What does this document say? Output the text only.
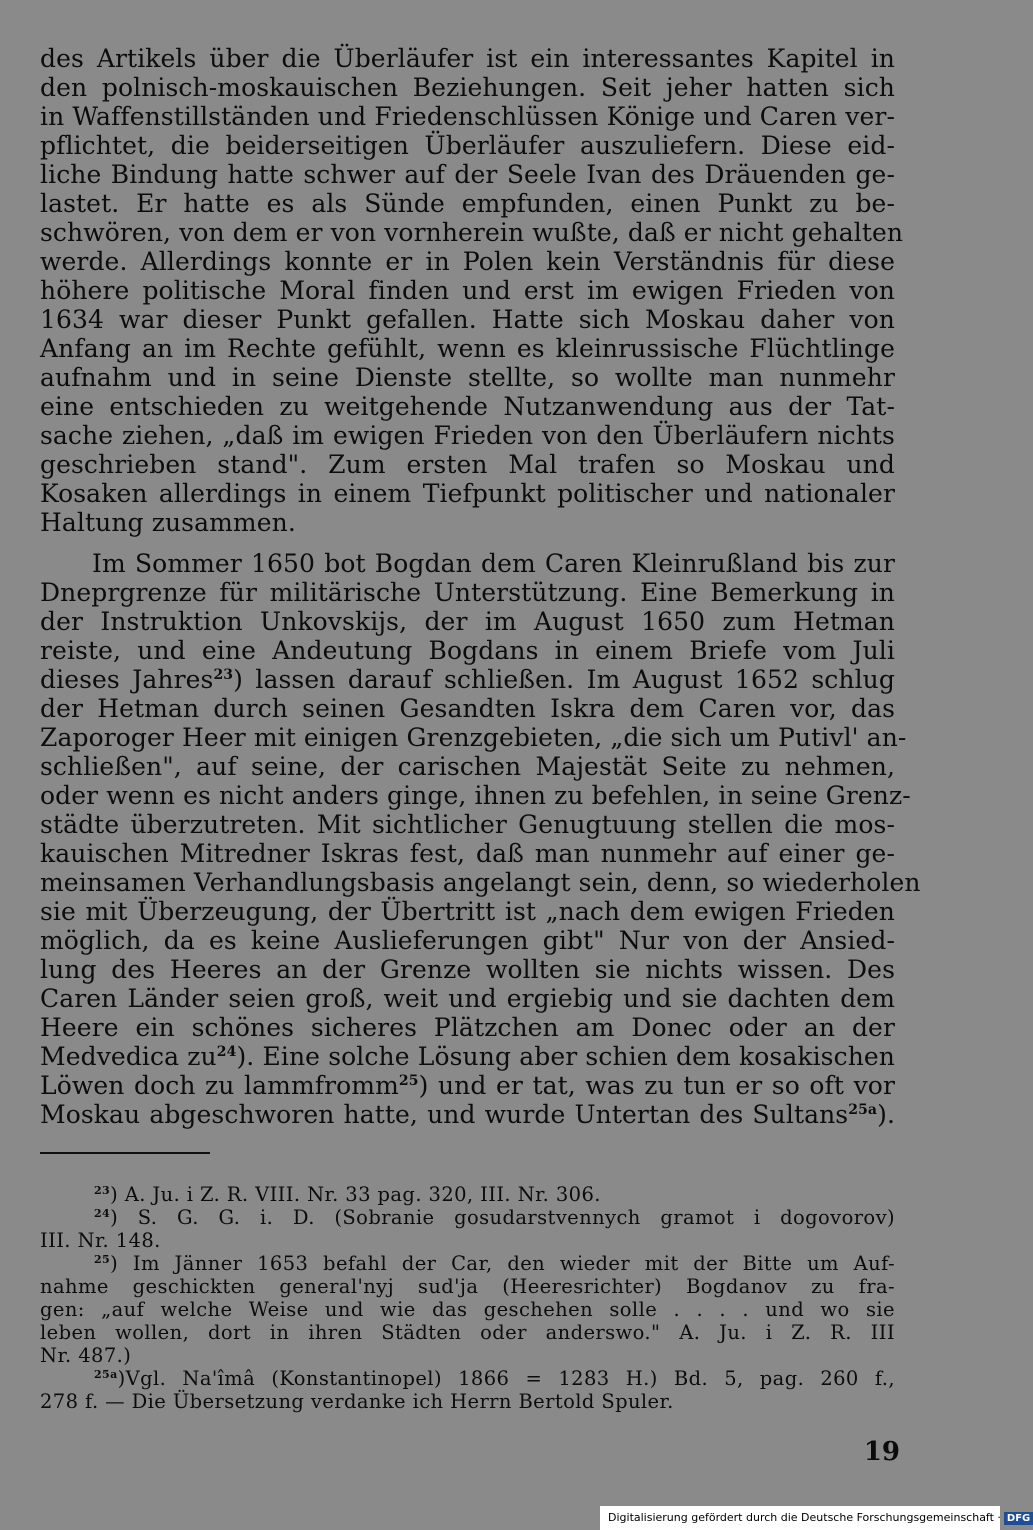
des Artikels über die Überläufer ist ein interessantes Kapitel in
den polnisch-moskauischen Beziehungen. Seit jeher hatten sich
in Waffenstillständen und Friedenschlüssen Könige und Caren ver-
pflichtet, die beiderseitigen Überläufer auszuliefern. Diese eid-
liche Bindung hatte schwer auf der Seele Ivan des Dräuenden ge-
lastet. Er hatte es als Sünde empfunden, einen Punkt zu be-
schwören, von dem er von vornherein wußte, daß er nicht gehalten
werde. Allerdings konnte er in Polen kein Verständnis für diese
höhere politische Moral finden und erst im ewigen Frieden von
1634 war dieser Punkt gefallen. Hatte sich Moskau daher von
Anfang an im Rechte gefühlt, wenn es kleinrussische Flüchtlinge
aufnahm und in seine Dienste stellte, so wollte man nunmehr
eine entschieden zu weitgehende Nutzanwendung aus der Tat-
sache ziehen, „daß im ewigen Frieden von den Überläufern nichts
geschrieben stand". Zum ersten Mal trafen so Moskau und
Kosaken allerdings in einem Tiefpunkt politischer und nationaler
Haltung zusammen.
Im Sommer 1650 bot Bogdan dem Caren Kleinrußland bis zur
Dneprgrenze für militärische Unterstützung. Eine Bemerkung in
der Instruktion Unkovskijs, der im August 1650 zum Hetman
reiste, und eine Andeutung Bogdans in einem Briefe vom Juli
dieses Jahres$^{23}$) lassen darauf schließen. Im August 1652 schlug
der Hetman durch seinen Gesandten Iskra dem Caren vor, das
Zaporoger Heer mit einigen Grenzgebieten, „die sich um Putivl' an-
schließen", auf seine, der carischen Majestät Seite zu nehmen,
oder wenn es nicht anders ginge, ihnen zu befehlen, in seine Grenz-
städte überzutreten. Mit sichtlicher Genugtuung stellen die mos-
kauischen Mitredner Iskras fest, daß man nunmehr auf einer ge-
meinsamen Verhandlungsbasis angelangt sein, denn, so wiederholen
sie mit Überzeugung, der Übertritt ist „nach dem ewigen Frieden
möglich, da es keine Auslieferungen gibt" Nur von der Ansied-
lung des Heeres an der Grenze wollten sie nichts wissen. Des
Caren Länder seien groß, weit und ergiebig und sie dachten dem
Heere ein schönes sicheres Plätzchen am Donec oder an der
Medvedica $zu^{24}$). Eine solche Lösung aber schien dem kosakischen
Löwen doch zu lammfromm$^{25}$) und er tat, was zu tun er so oft vor
Moskau abgeschworen hatte, und wurde Untertan des Sultans$^{25a}$).
$^{23}$) A. Ju. i Z. R. VIII. Nr. 33 pag. 320, III. Nr. 306.
$^{24}$) S. G. G. i. D. (Sobranie gosudarstvennych gramot i dogovorov)
III. Nr. 148.
$^{25}$) Im Jänner 1653 befahl der Car, den wieder mit der Bitte um Auf-
nahme geschickten general'nyj sud'ja (Heeresrichter) Bogdanov zu fra-
gen: „auf welche Weise und wie das geschehen solle . . . . und wo sie
leben wollen, dort in ihren Städten oder anderswo." A. Ju. i Z. R. III
Nr. 487.)
$^{25a}$)Vgl. Na'îmâ (Konstantinopel) 1866 = 1283 H.) Bd. 5, pag. 260 f.,
278 f. — Die Übersetzung verdanke ich Herrn Bertold Spuler.
19
Digitalisierung gefördert durch die Deutsche Forschungsgemeinschaft · DFG
